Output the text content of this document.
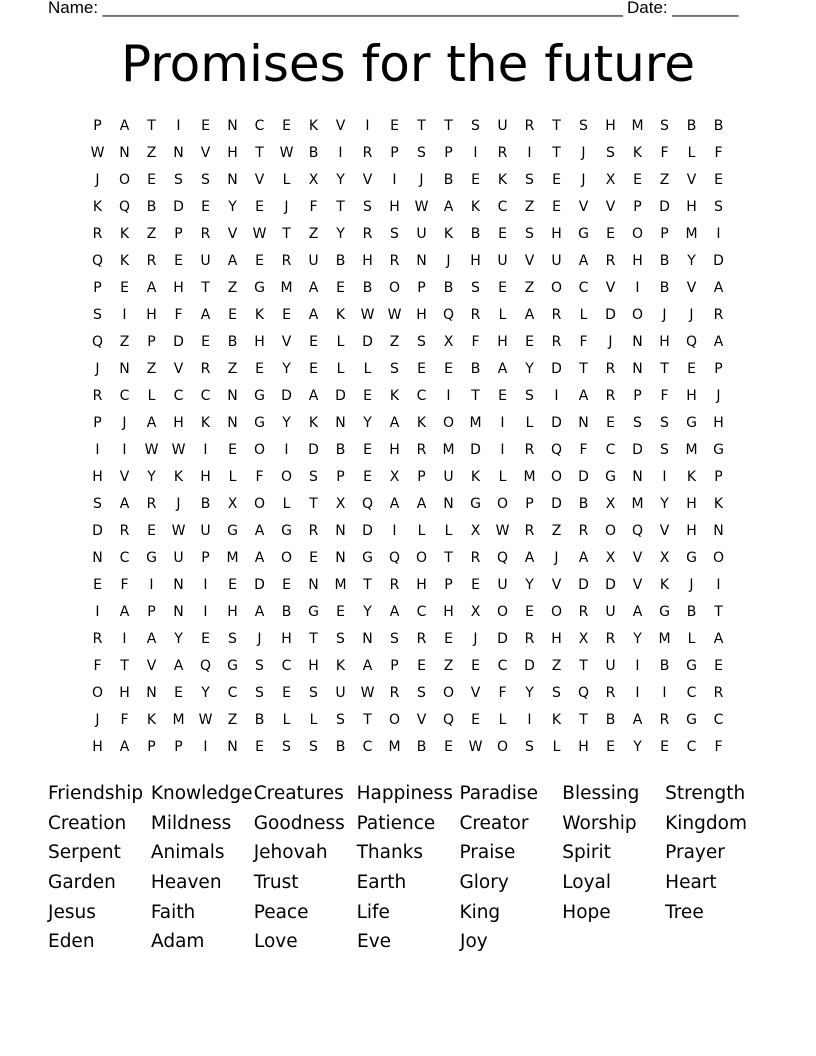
Name: _______________________________________________________ Date: _______
Promises for the future
P	A	T	I	E	N	C	E	K	V	I	E	T	T	S	U	R	T	S	H	M	S	B	B
W	N	Z	N	V	H	T	W	B	I	R	P	S	P	I	R	I	T	J	S	K	F	L	F
J	O	E	S	S	N	V	L	X	Y	V	I	J	B	E	K	S	E	J	X	E	Z	V	E
K	Q	B	D	E	Y	E	J	F	T	S	H	W	A	K	C	Z	E	V	V	P	D	H	S
R	K	Z	P	R	V	W	T	Z	Y	R	S	U	K	B	E	S	H	G	E	O	P	M	I
Q	K	R	E	U	A	E	R	U	B	H	R	N	J	H	U	V	U	A	R	H	B	Y	D
P	E	A	H	T	Z	G	M	A	E	B	O	P	B	S	E	Z	O	C	V	I	B	V	A
S	I	H	F	A	E	K	E	A	K	W W	H	Q	R	L	A	R	L	D	O	J	J	R
Q	Z	P	D	E	B	H	V	E	L	D	Z	S	X	F	H	E	R	F	J	N	H	Q	A
J	N	Z	V	R	Z	E	Y	E	L	L	S	E	E	B	A	Y	D	T	R	N	T	E	P
R	C	L	C	C	N	G	D	A	D	E	K	C	I	T	E	S	I	A	R	P	F	H	J
P	J	A	H	K	N	G	Y	K	N	Y	A	K	O	M	I	L	D	N	E	S	S	G	H
I	I	W W	I	E	O	I	D	B	E	H	R	M	D	I	R	Q	F	C	D	S	M	G
H	V	Y	K	H	L	F	O	S	P	E	X	P	U	K	L	M	O	D	G	N	I	K	P
S	A	R	J	B	X	O	L	T	X	Q	A	A	N	G	O	P	D	B	X	M	Y	H	K
D	R	E	W	U	G	A	G	R	N	D	I	L	L	X	W	R	Z	R	O	Q	V	H	N
N	C	G	U	P	M	A	O	E	N	G	Q	O	T	R	Q	A	J	A	X	V	X	G	O
E	F	I	N	I	E	D	E	N	M	T	R	H	P	E	U	Y	V	D	D	V	K	J	I
I	A	P	N	I	H	A	B	G	E	Y	A	C	H	X	O	E	O	R	U	A	G	B	T
R	I	A	Y	E	S	J	H	T	S	N	S	R	E	J	D	R	H	X	R	Y	M	L	A
F	T	V	A	Q	G	S	C	H	K	A	P	E	Z	E	C	D	Z	T	U	I	B	G	E
O	H	N	E	Y	C	S	E	S	U	W	R	S	O	V	F	Y	S	Q	R	I	I	C	R
J	F	K	M	W	Z	B	L	L	S	T	O	V	Q	E	L	I	K	T	B	A	R	G	C
H	A	P	P	I	N	E	S	S	B	C	M	B	E	W	O	S	L	H	E	Y	E	C	F
Friendship Knowledge Creatures Happiness Paradise	Blessing	Strength
Creation	Mildness	Goodness Patience	Creator	Worship	Kingdom
Serpent	Animals	Jehovah	Thanks	Praise	Spirit	Prayer
Garden	Heaven	Trust	Earth	Glory	Loyal	Heart
Jesus	Faith	Peace	Life	King	Hope	Tree
Eden	Adam	Love	Eve	Joy
